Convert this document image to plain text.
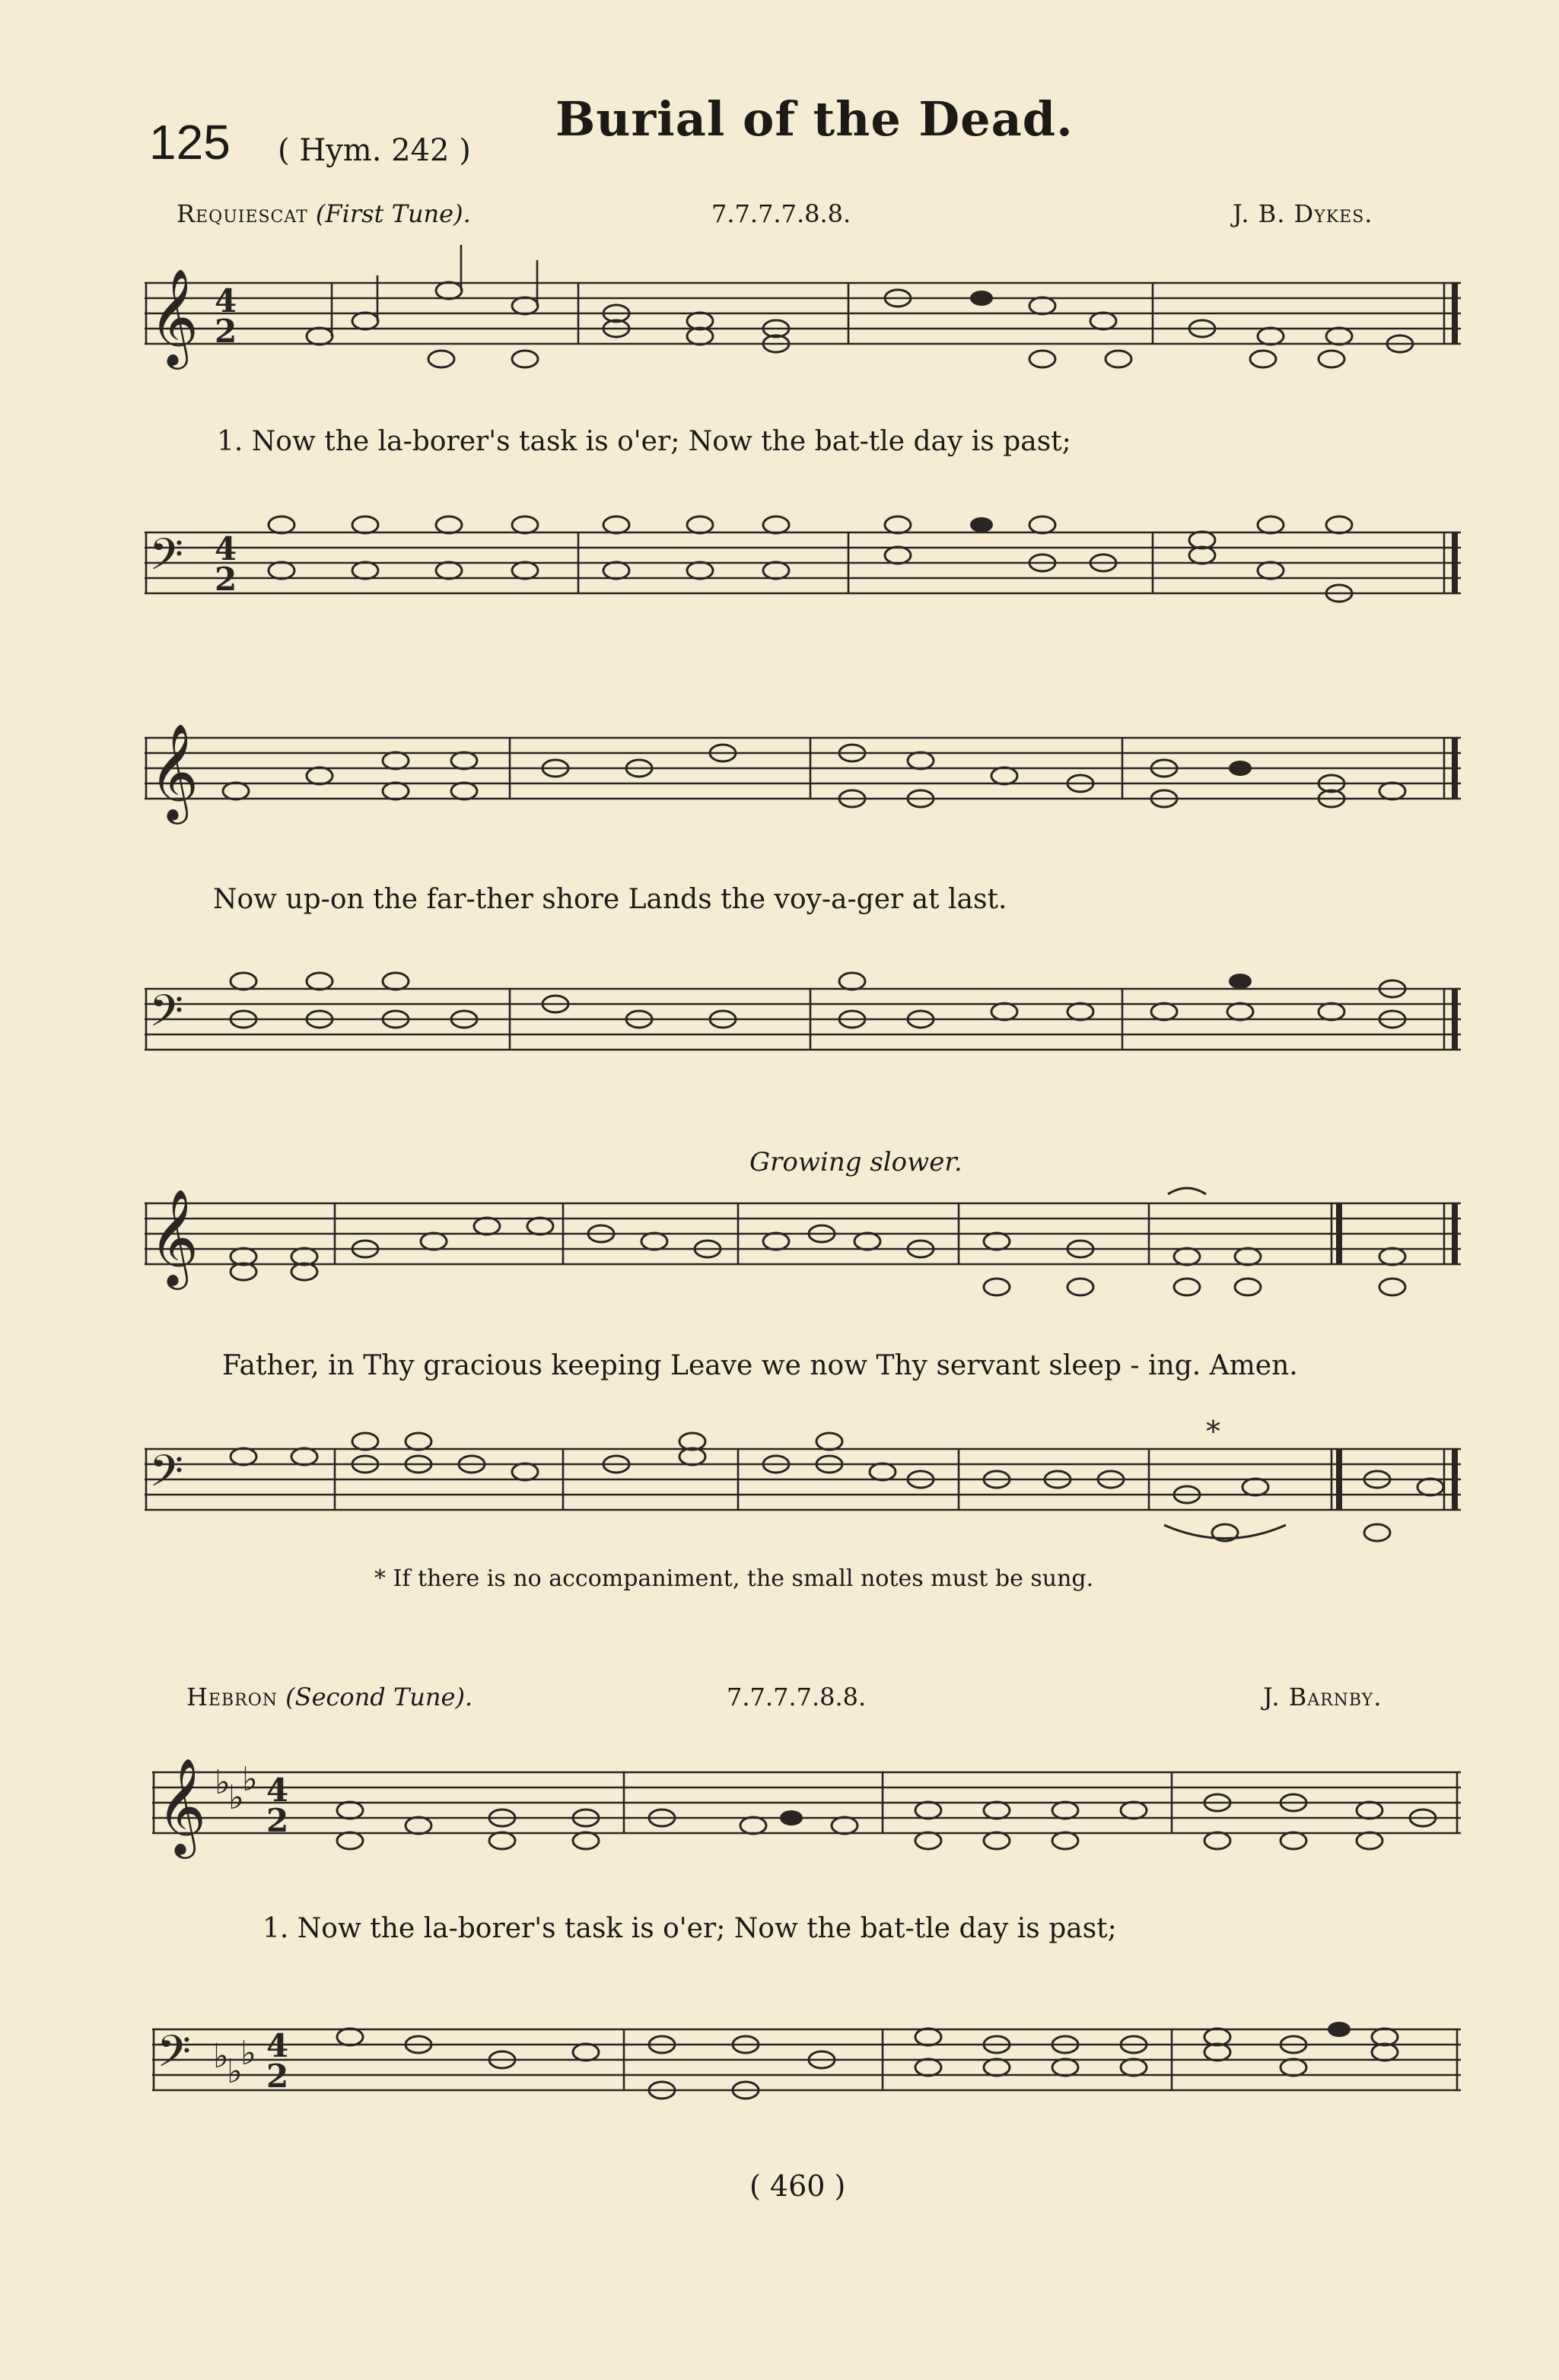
125 ( Hym. 242 )
Burial of the Dead.
Requiescat (First Tune).	7.7.7.7.8.8.	J. B. Dykes.
𝄞 4
2
1. Now the la-borer's task is o'er; Now the bat-tle day is past;
𝄢 4
2
𝄞
Now up-on the far-ther shore Lands the voy-a-ger at last.
𝄢
Growing slower.
𝄞
Father, in Thy gracious keeping Leave we now Thy servant sleep - ing. Amen.
𝄢
*
* If there is no accompaniment, the small notes must be sung.
Hebron (Second Tune).	7.7.7.7.8.8.	J. Barnby.
𝄞 ♭
♭
♭ 4
2
1. Now the la-borer's task is o'er; Now the bat-tle day is past;
𝄢 ♭
♭
♭ 4
2
( 460 )
